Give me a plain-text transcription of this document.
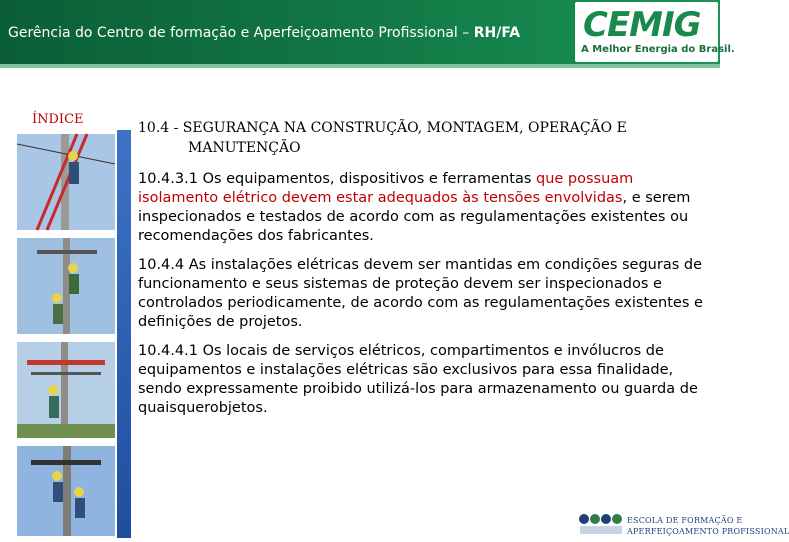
Gerência do Centro de formação e Aperfeiçoamento Profissional – RH/FA CEMIG
A Melhor Energia do Brasil.
ÍNDICE
10.4 - SEGURANÇA NA CONSTRUÇÃO, MONTAGEM, OPERAÇÃO E
MANUTENÇÃO

10.4.3.1 Os equipamentos, dispositivos e ferramentas que possuam isolamento elétrico devem estar adequados às tensões envolvidas, e serem inspecionados e testados de acordo com as regulamentações existentes ou recomendações dos fabricantes.

10.4.4 As instalações elétricas devem ser mantidas em condições seguras de funcionamento e seus sistemas de proteção devem ser inspecionados e controlados periodicamente, de acordo com as regulamentações existentes e definições de projetos.

10.4.4.1 Os locais de serviços elétricos, compartimentos e invólucros de equipamentos e instalações elétricas são exclusivos para essa finalidade, sendo expressamente proibido utilizá-los para armazenamento ou guarda de quaisquerobjetos.

ESCOLA DE FORMAÇÃO E
APERFEIÇOAMENTO PROFISSIONAL
